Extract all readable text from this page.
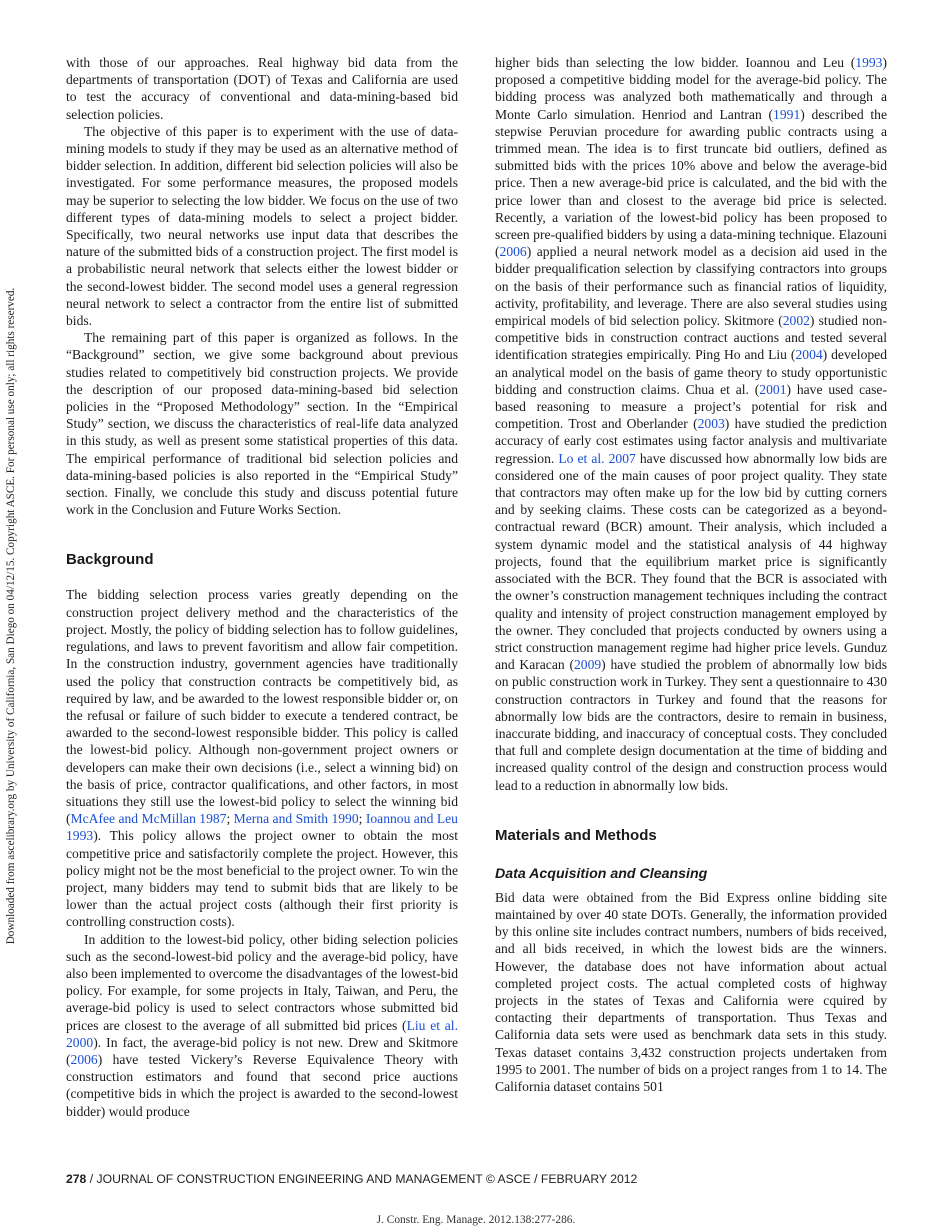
Downloaded from ascelibrary.org by University of California, San Diego on 04/12/15. Copyright ASCE. For personal use only; all rights reserved.

with those of our approaches. Real highway bid data from the departments of transportation (DOT) of Texas and California are used to test the accuracy of conventional and data-mining-based bid selection policies.

The objective of this paper is to experiment with the use of data-mining models to study if they may be used as an alternative method of bidder selection. In addition, different bid selection policies will also be investigated. For some performance measures, the proposed models may be superior to selecting the low bidder. We focus on the use of two different types of data-mining models to select a project bidder. Specifically, two neural networks use input data that describes the nature of the submitted bids of a construction project. The first model is a probabilistic neural network that selects either the lowest bidder or the second-lowest bidder. The second model uses a general regression neural network to select a contractor from the entire list of submitted bids.

The remaining part of this paper is organized as follows. In the “Background” section, we give some background about previous studies related to competitively bid construction projects. We provide the description of our proposed data-mining-based bid selection policies in the “Proposed Methodology” section. In the “Empirical Study” section, we discuss the characteristics of real-life data analyzed in this study, as well as present some statistical properties of this data. The empirical performance of traditional bid selection policies and data-mining-based policies is also reported in the “Empirical Study” section. Finally, we conclude this study and discuss potential future work in the Conclusion and Future Works Section.

Background

The bidding selection process varies greatly depending on the construction project delivery method and the characteristics of the project. Mostly, the policy of bidding selection has to follow guidelines, regulations, and laws to prevent favoritism and allow fair competition. In the construction industry, government agencies have traditionally used the policy that construction contracts be competitively bid, as required by law, and be awarded to the lowest responsible bidder or, on the refusal or failure of such bidder to execute a tendered contract, be awarded to the second-lowest responsible bidder. This policy is called the lowest-bid policy. Although non-government project owners or developers can make their own decisions (i.e., select a winning bid) on the basis of price, contractor qualifications, and other factors, in most situations they still use the lowest-bid policy to select the winning bid (McAfee and McMillan 1987; Merna and Smith 1990; Ioannou and Leu 1993). This policy allows the project owner to obtain the most competitive price and satisfactorily complete the project. However, this policy might not be the most beneficial to the project owner. To win the project, many bidders may tend to submit bids that are likely to be lower than the actual project costs (although their first priority is controlling construction costs).

In addition to the lowest-bid policy, other biding selection policies such as the second-lowest-bid policy and the average-bid policy, have also been implemented to overcome the disadvantages of the lowest-bid policy. For example, for some projects in Italy, Taiwan, and Peru, the average-bid policy is used to select contractors whose submitted bid prices are closest to the average of all submitted bid prices (Liu et al. 2000). In fact, the average-bid policy is not new. Drew and Skitmore (2006) have tested Vickery’s Reverse Equivalence Theory with construction estimators and found that second price auctions (competitive bids in which the project is awarded to the second-lowest bidder) would produce

higher bids than selecting the low bidder. Ioannou and Leu (1993) proposed a competitive bidding model for the average-bid policy. The bidding process was analyzed both mathematically and through a Monte Carlo simulation. Henriod and Lantran (1991) described the stepwise Peruvian procedure for awarding public contracts using a trimmed mean. The idea is to first truncate bid outliers, defined as submitted bids with the prices 10% above and below the average-bid price. Then a new average-bid price is calculated, and the bid with the price lower than and closest to the average bid price is selected. Recently, a variation of the lowest-bid policy has been proposed to screen pre-qualified bidders by using a data-mining technique. Elazouni (2006) applied a neural network model as a decision aid used in the bidder prequalification selection by classifying contractors into groups on the basis of their performance such as financial ratios of liquidity, activity, profitability, and leverage. There are also several studies using empirical models of bid selection policy. Skitmore (2002) studied non-competitive bids in construction contract auctions and tested several identification strategies empirically. Ping Ho and Liu (2004) developed an analytical model on the basis of game theory to study opportunistic bidding and construction claims. Chua et al. (2001) have used case-based reasoning to measure a project’s potential for risk and competition. Trost and Oberlander (2003) have studied the prediction accuracy of early cost estimates using factor analysis and multivariate regression. Lo et al. 2007 have discussed how abnormally low bids are considered one of the main causes of poor project quality. They state that contractors may often make up for the low bid by cutting corners and by seeking claims. These costs can be categorized as a beyond-contractual reward (BCR) amount. Their analysis, which included a system dynamic model and the statistical analysis of 44 highway projects, found that the equilibrium market price is significantly associated with the BCR. They found that the BCR is associated with the owner’s construction management techniques including the contract quality and intensity of project construction management employed by the owner. They concluded that projects conducted by owners using a strict construction management regime had higher price levels. Gunduz and Karacan (2009) have studied the problem of abnormally low bids on public construction work in Turkey. They sent a questionnaire to 430 construction contractors in Turkey and found that the reasons for abnormally low bids are the contractors, desire to remain in business, inaccurate bidding, and inaccuracy of conceptual costs. They concluded that full and complete design documentation at the time of bidding and increased quality control of the design and construction process would lead to a reduction in abnormally low bids.

Materials and Methods
Data Acquisition and Cleansing

Bid data were obtained from the Bid Express online bidding site maintained by over 40 state DOTs. Generally, the information provided by this online site includes contract numbers, numbers of bids received, and all bids received, in which the lowest bids are the winners. However, the database does not have information about actual completed project costs. The actual completed costs of highway projects in the states of Texas and California were cquired by contacting their departments of transportation. Thus Texas and California data sets were used as benchmark data sets in this study. Texas dataset contains 3,432 construction projects undertaken from 1995 to 2001. The number of bids on a project ranges from 1 to 14. The California dataset contains 501

278 / JOURNAL OF CONSTRUCTION ENGINEERING AND MANAGEMENT © ASCE / FEBRUARY 2012
J. Constr. Eng. Manage. 2012.138:277-286.
